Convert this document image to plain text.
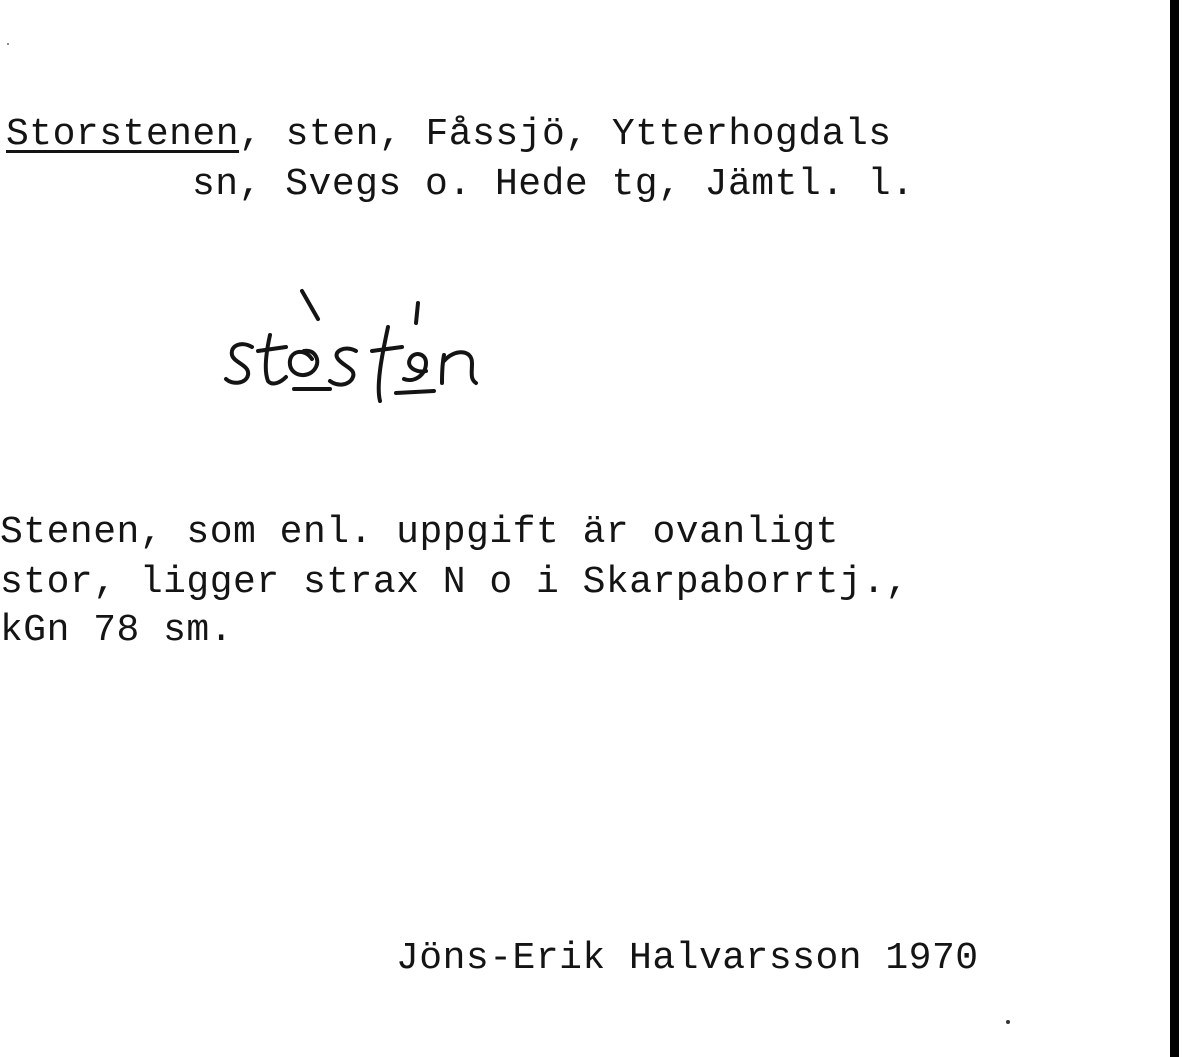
Storstenen, sten, Fåssjö, Ytterhogdals
sn, Svegs o. Hede tg, Jämtl. l.
Stenen, som enl. uppgift är ovanligt
stor, ligger strax N o i Skarpaborrtj.,
kGn 78 sm.
Jöns-Erik Halvarsson 1970
